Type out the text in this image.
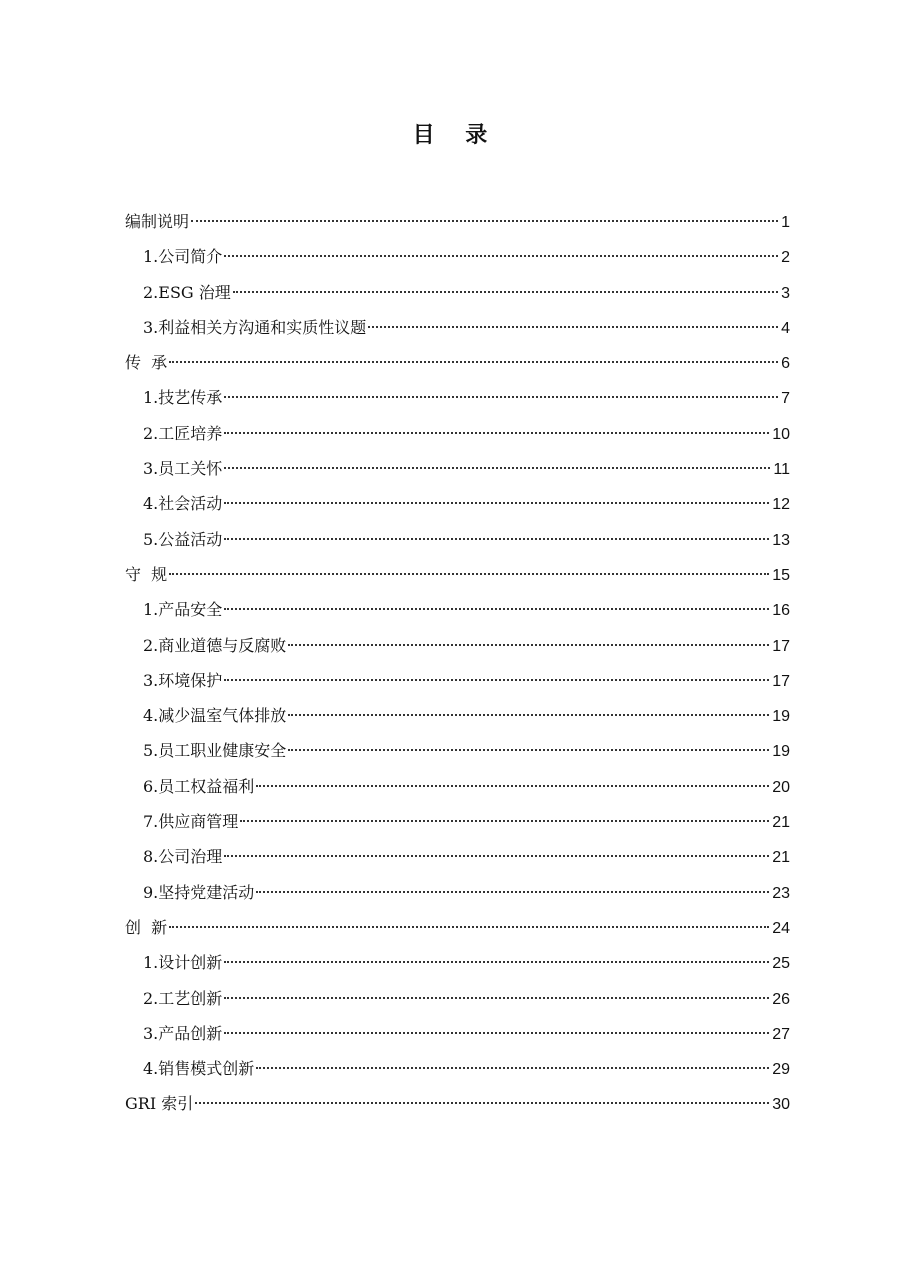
目    录
编制说明	1
1.公司简介	2
2.ESG 治理	3
3.利益相关方沟通和实质性议题	4
传  承	6
1.技艺传承	7
2.工匠培养	10
3.员工关怀	11
4.社会活动	12
5.公益活动	13
守  规	15
1.产品安全	16
2.商业道德与反腐败	17
3.环境保护	17
4.减少温室气体排放	19
5.员工职业健康安全	19
6.员工权益福利	20
7.供应商管理	21
8.公司治理	21
9.坚持党建活动	23
创  新	24
1.设计创新	25
2.工艺创新	26
3.产品创新	27
4.销售模式创新	29
GRI 索引	30
